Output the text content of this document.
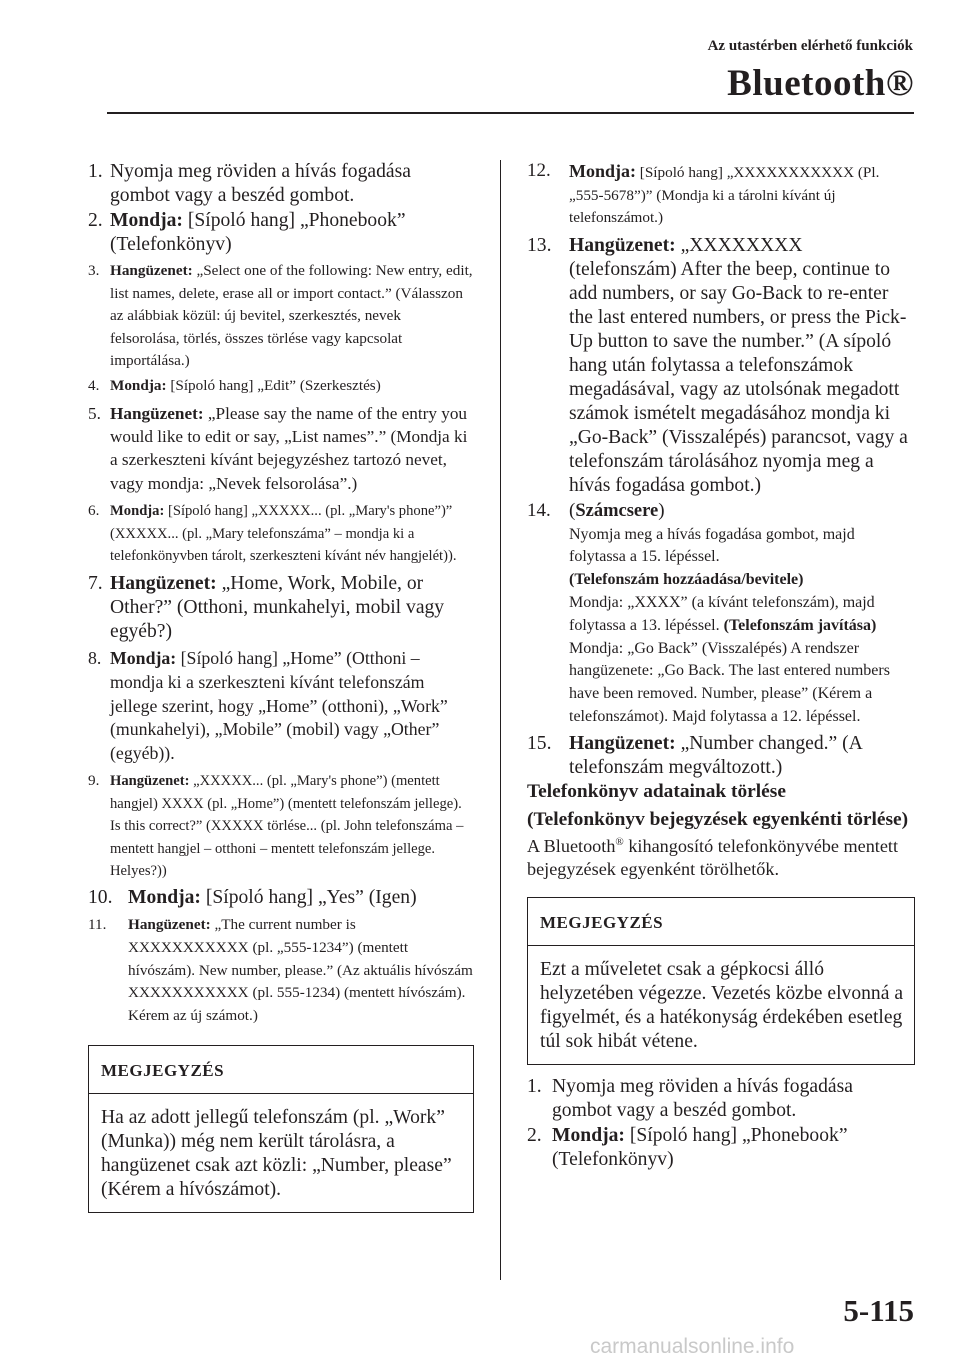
Az utastérben elérhető funkciók
Bluetooth®
1. Nyomja meg röviden a hívás fogadása gombot vagy a beszéd gombot.
2. Mondja: [Sípoló hang] „Phonebook” (Telefonkönyv)
3. Hangüzenet: „Select one of the following: New entry, edit, list names, delete, erase all or import contact.” (Válasszon az alábbiak közül: új bevitel, szerkesztés, nevek felsorolása, törlés, összes törlése vagy kapcsolat importálása.)
4. Mondja: [Sípoló hang] „Edit” (Szerkesztés)
5. Hangüzenet: „Please say the name of the entry you would like to edit or say, „List names”.” (Mondja ki a szerkeszteni kívánt bejegyzéshez tartozó nevet, vagy mondja: „Nevek felsorolása”.)
6. Mondja: [Sípoló hang] „XXXXX... (pl. „Mary's phone”)” (XXXXX... (pl. „Mary telefonszáma” – mondja ki a telefonkönyvben tárolt, szerkeszteni kívánt név hangjelét)).
7. Hangüzenet: „Home, Work, Mobile, or Other?” (Otthoni, munkahelyi, mobil vagy egyéb?)
8. Mondja: [Sípoló hang] „Home” (Otthoni – mondja ki a szerkeszteni kívánt telefonszám jellege szerint, hogy „Home” (otthoni), „Work” (munkahelyi), „Mobile” (mobil) vagy „Other” (egyéb)).
9. Hangüzenet: „XXXXX... (pl. „Mary's phone”) (mentett hangjel) XXXX (pl. „Home”) (mentett telefonszám jellege). Is this correct?” (XXXXX törlése... (pl. John telefonszáma – mentett hangjel – otthoni – mentett telefonszám jellege. Helyes?))
10. Mondja: [Sípoló hang] „Yes” (Igen)
11.	Hangüzenet: „The current number is XXXXXXXXXXX (pl. „555-1234”) (mentett hívószám). New number, please.” (Az aktuális hívószám XXXXXXXXXXX (pl. 555-1234) (mentett hívószám). Kérem az új számot.)
MEGJEGYZÉS
Ha az adott jellegű telefonszám (pl. „Work” (Munka)) még nem került tárolásra, a hangüzenet csak azt közli: „Number, please” (Kérem a hívószámot).
12.	Mondja: [Sípoló hang] „XXXXXXXXXXX (Pl. „555-5678”)” (Mondja ki a tárolni kívánt új telefonszámot.)
13. Hangüzenet: „XXXXXXXX (telefonszám) After the beep, continue to add numbers, or say Go-Back to re-enter the last entered numbers, or press the Pick-Up button to save the number.” (A sípoló hang után folytassa a telefonszámok megadásával, vagy az utolsónak megadott számok ismételt megadásához mondja ki „Go-Back” (Visszalépés) parancsot, vagy a telefonszám tárolásához nyomja meg a hívás fogadása gombot.)
14. (Számcsere)
Nyomja meg a hívás fogadása gombot, majd folytassa a 15. lépéssel.
(Telefonszám hozzáadása/bevitele)
Mondja: „XXXX” (a kívánt telefonszám), majd folytassa a 13. lépéssel. (Telefonszám javítása)
Mondja: „Go Back” (Visszalépés) A rendszer hangüzenete: „Go Back. The last entered numbers have been removed. Number, please” (Kérem a telefonszámot). Majd folytassa a 12. lépéssel.
15. Hangüzenet: „Number changed.” (A telefonszám megváltozott.)
Telefonkönyv adatainak törlése
(Telefonkönyv bejegyzések egyenkénti törlése)
A Bluetooth® kihangosító telefonkönyvébe mentett bejegyzések egyenként törölhetők.
MEGJEGYZÉS
Ezt a műveletet csak a gépkocsi álló helyzetében végezze. Vezetés közbe elvonná a figyelmét, és a hatékonyság érdekében esetleg túl sok hibát vétene.
1. Nyomja meg röviden a hívás fogadása gombot vagy a beszéd gombot.
2. Mondja: [Sípoló hang] „Phonebook” (Telefonkönyv)
5-115
carmanualsonline.info
